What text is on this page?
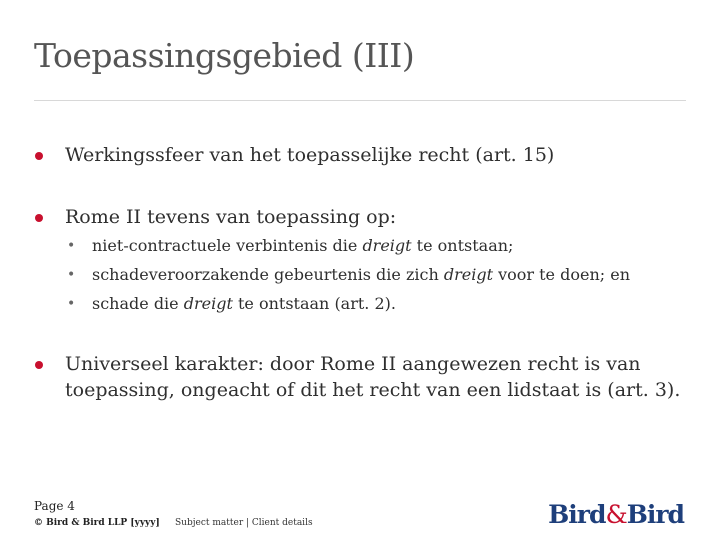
Toepassingsgebied (III)
Werkingssfeer van het toepasselijke recht (art. 15)
Rome II tevens van toepassing op:
• niet-contractuele verbintenis die dreigt te ontstaan;
• schadeveroorzakende gebeurtenis die zich dreigt voor te doen; en
• schade die dreigt te ontstaan (art. 2).
Universeel karakter: door Rome II aangewezen recht is van toepassing, ongeacht of dit het recht van een lidstaat is (art. 3).
Page 4
© Bird & Bird LLP [yyyy] Subject matter | Client details	Bird&Bird
